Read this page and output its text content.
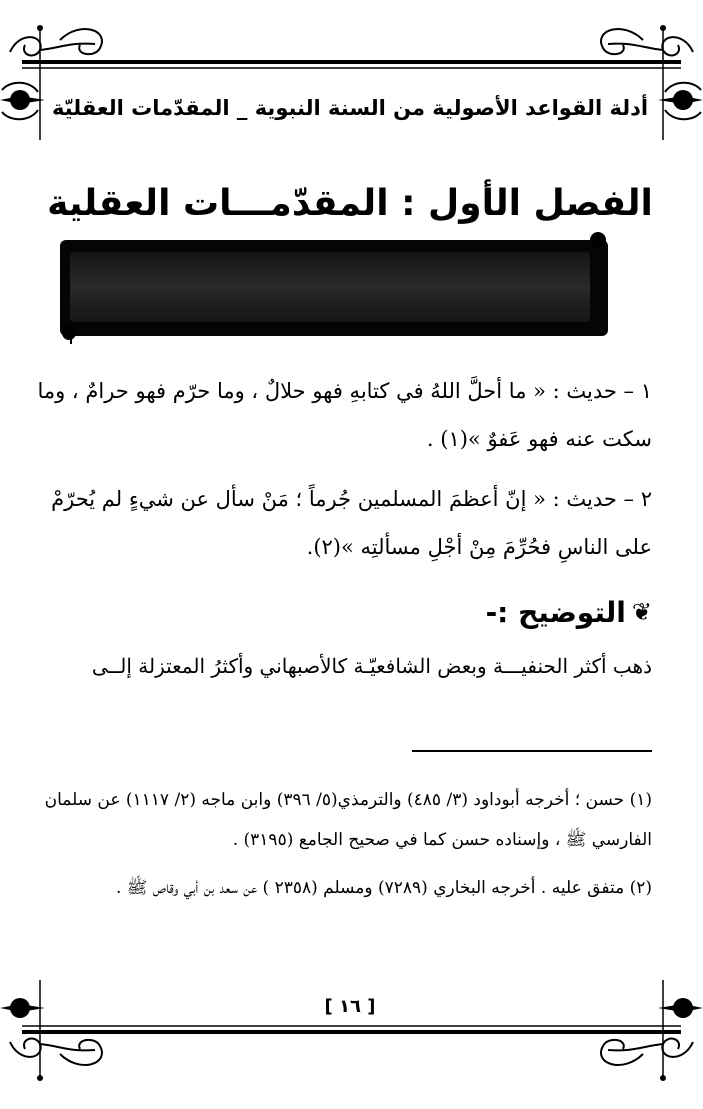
أدلة القواعد الأصولية من السنة النبوية _ المقدّمات العقليّة
الفصل الأول : المقدّمـــات العقلية
١ – حديث : « ما أحلَّ اللهُ في كتابهِ فهو حلالٌ ، وما حرّم فهو حرامٌ ، وما سكت عنه فهو عَفوٌ »(١) .
٢ – حديث : « إنّ أعظمَ المسلمين جُرماً ؛ مَنْ سأل عن شيءٍ لم يُحرّمْ على الناسِ فحُرِّمَ مِنْ أجْلِ مسألتِه »(٢).
❦
التوضيح :-
ذهب أكثر الحنفيـــة وبعض الشافعيّـة كالأصبهاني وأكثرُ المعتزلة إلــى
(١) حسن ؛ أخرجه أبوداود (٣/ ٤٨٥) والترمذي(٥/ ٣٩٦) وابن ماجه (٢/ ١١١٧) عن سلمان الفارسي ﷺ ، وإسناده حسن كما في صحيح الجامع (٣١٩٥) .
(٢) متفق عليه . أخرجه البخاري (٧٢٨٩) ومسلم (٢٣٥٨ ) عن سعد بن أبي وقاص ﷺ .
[ ١٦ ]
